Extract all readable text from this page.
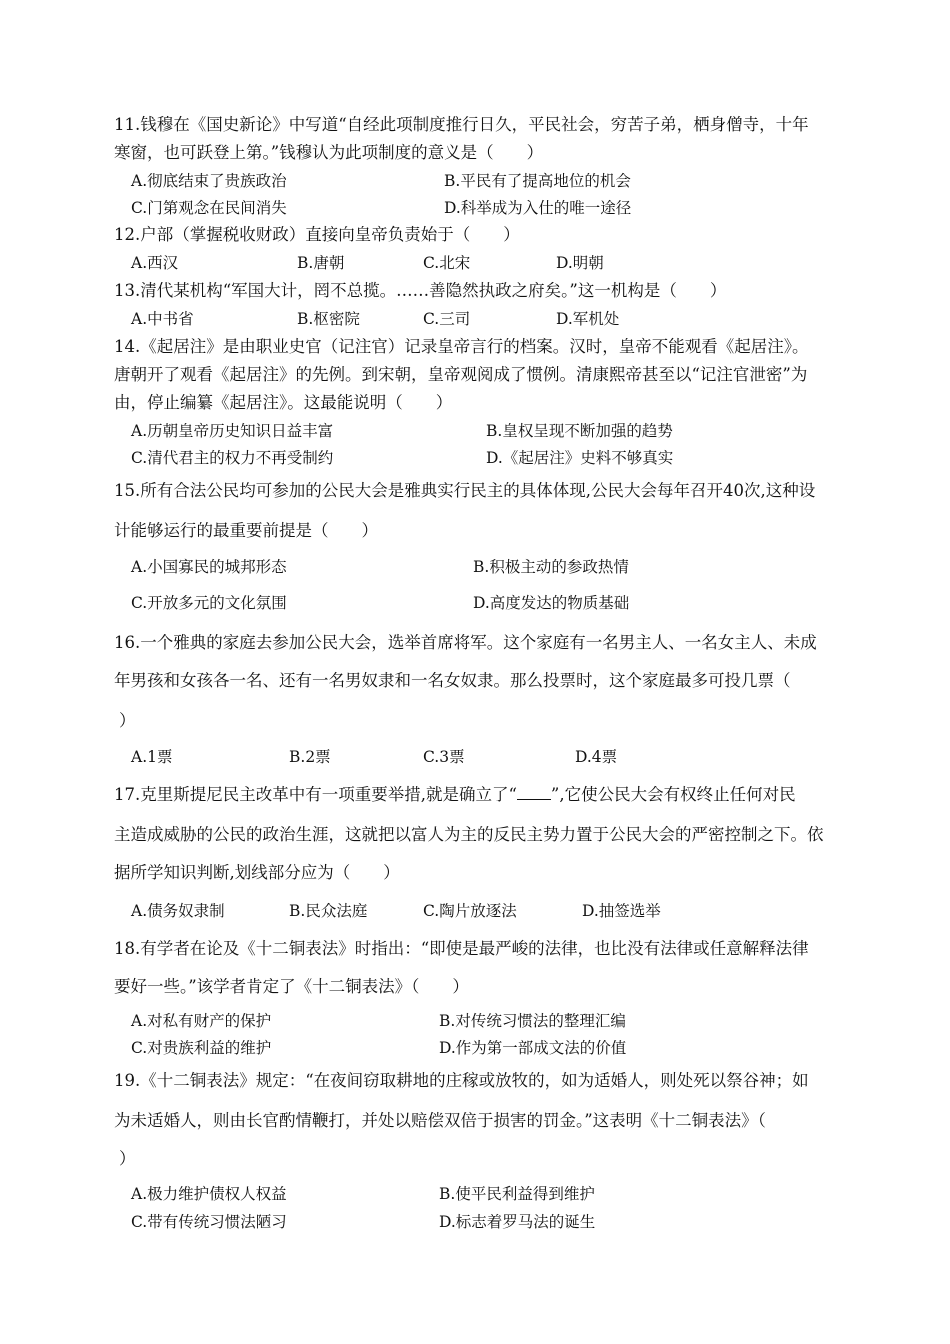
11.钱穆在《国史新论》中写道“自经此项制度推行日久，平民社会，穷苦子弟，栖身僧寺，十年
寒窗，也可跃登上第。”钱穆认为此项制度的意义是（　　）
A.彻底结束了贵族政治	B.平民有了提高地位的机会
C.门第观念在民间消失	D.科举成为入仕的唯一途径
12.户部（掌握税收财政）直接向皇帝负责始于（　　）
A.西汉	B.唐朝	C.北宋	D.明朝
13.清代某机构“军国大计，罔不总揽。……善隐然执政之府矣。”这一机构是（　　）
A.中书省	B.枢密院	C.三司	D.军机处
14.《起居注》是由职业史官（记注官）记录皇帝言行的档案。汉时，皇帝不能观看《起居注》。
唐朝开了观看《起居注》的先例。到宋朝，皇帝观阅成了惯例。清康熙帝甚至以“记注官泄密”为
由，停止编纂《起居注》。这最能说明（　　）
A.历朝皇帝历史知识日益丰富	B.皇权呈现不断加强的趋势
C.清代君主的权力不再受制约	D.《起居注》史料不够真实
15.所有合法公民均可参加的公民大会是雅典实行民主的具体体现,公民大会每年召开40次,这种设
计能够运行的最重要前提是（　　）
A.小国寡民的城邦形态	B.积极主动的参政热情
C.开放多元的文化氛围	D.高度发达的物质基础
16.一个雅典的家庭去参加公民大会，选举首席将军。这个家庭有一名男主人、一名女主人、未成
年男孩和女孩各一名、还有一名男奴隶和一名女奴隶。那么投票时，这个家庭最多可投几票（
）
A.1票	B.2票	C.3票	D.4票
17.克里斯提尼民主改革中有一项重要举措,就是确立了“ ”,它使公民大会有权终止任何对民
主造成威胁的公民的政治生涯，这就把以富人为主的反民主势力置于公民大会的严密控制之下。依
据所学知识判断,划线部分应为（　　）
A.债务奴隶制	B.民众法庭	C.陶片放逐法	D.抽签选举
18.有学者在论及《十二铜表法》时指出：“即使是最严峻的法律，也比没有法律或任意解释法律
要好一些。”该学者肯定了《十二铜表法》（　　）
A.对私有财产的保护	B.对传统习惯法的整理汇编
C.对贵族利益的维护	D.作为第一部成文法的价值
19.《十二铜表法》规定：“在夜间窃取耕地的庄稼或放牧的，如为适婚人，则处死以祭谷神；如
为未适婚人，则由长官酌情鞭打，并处以赔偿双倍于损害的罚金。”这表明《十二铜表法》（
）
A.极力维护债权人权益	B.使平民利益得到维护
C.带有传统习惯法陋习	D.标志着罗马法的诞生
